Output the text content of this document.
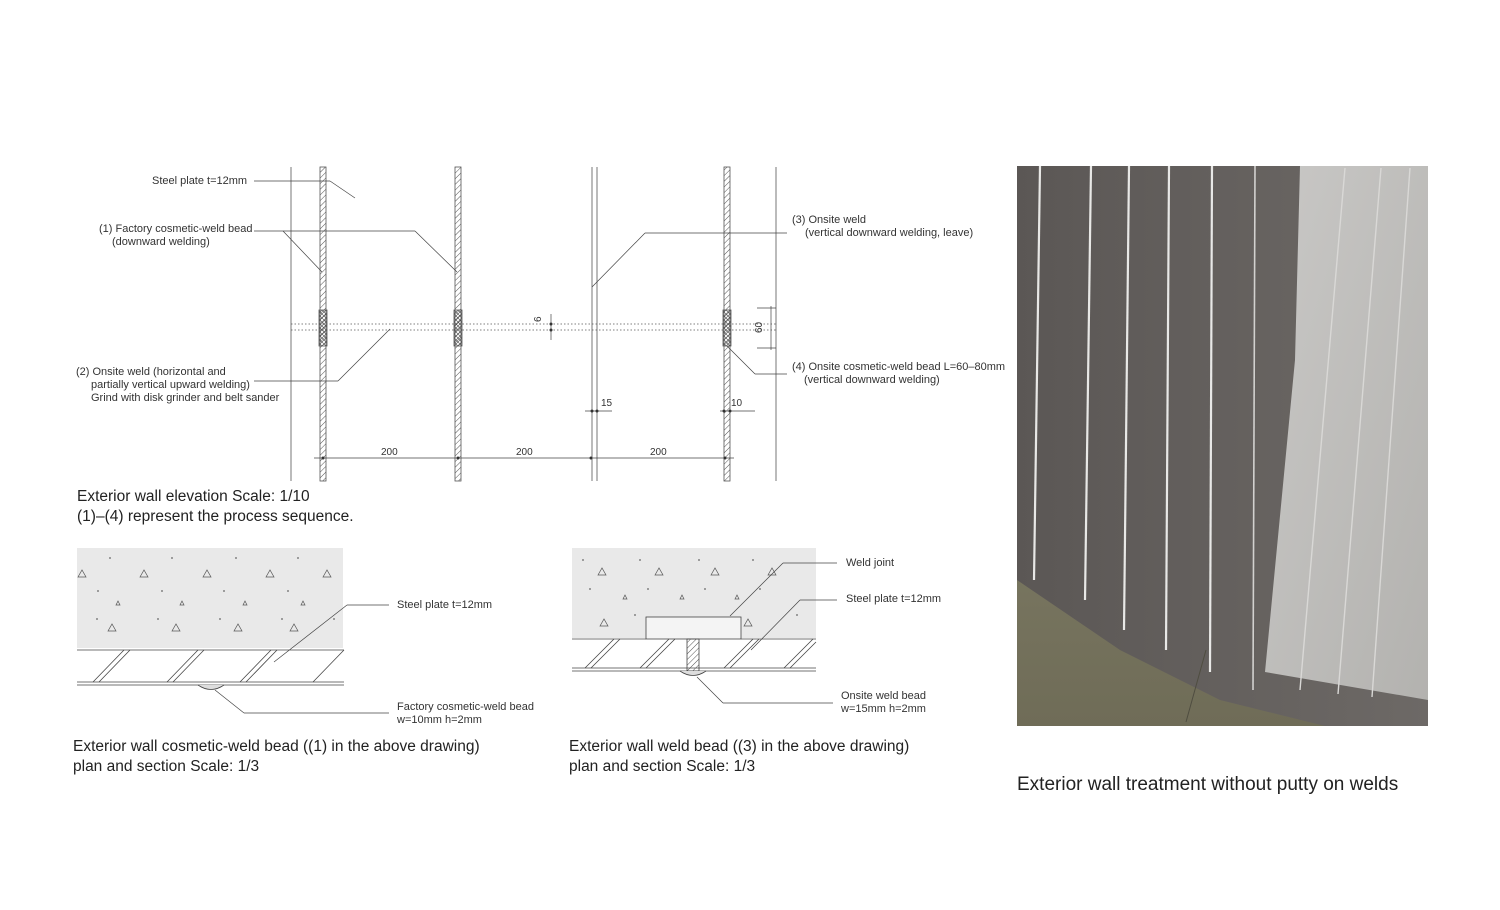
6
60
15	10
200	200	200
Steel plate t=12mm
(1) Factory cosmetic-weld bead
(downward welding)
(3) Onsite weld
(vertical downward welding, leave)
(2) Onsite weld (horizontal and
partially vertical upward welding)
Grind with disk grinder and belt sander
(4) Onsite cosmetic-weld bead L=60–80mm
(vertical downward welding)
Exterior wall elevation Scale: 1/10
(1)–(4) represent the process sequence.
Steel plate t=12mm
Factory cosmetic-weld bead
w=10mm h=2mm
Exterior wall cosmetic-weld bead ((1) in the above drawing)
plan and section Scale: 1/3
Weld joint
Steel plate t=12mm
Onsite weld bead
w=15mm h=2mm
Exterior wall weld bead ((3) in the above drawing)
plan and section Scale: 1/3
Exterior wall treatment without putty on welds
